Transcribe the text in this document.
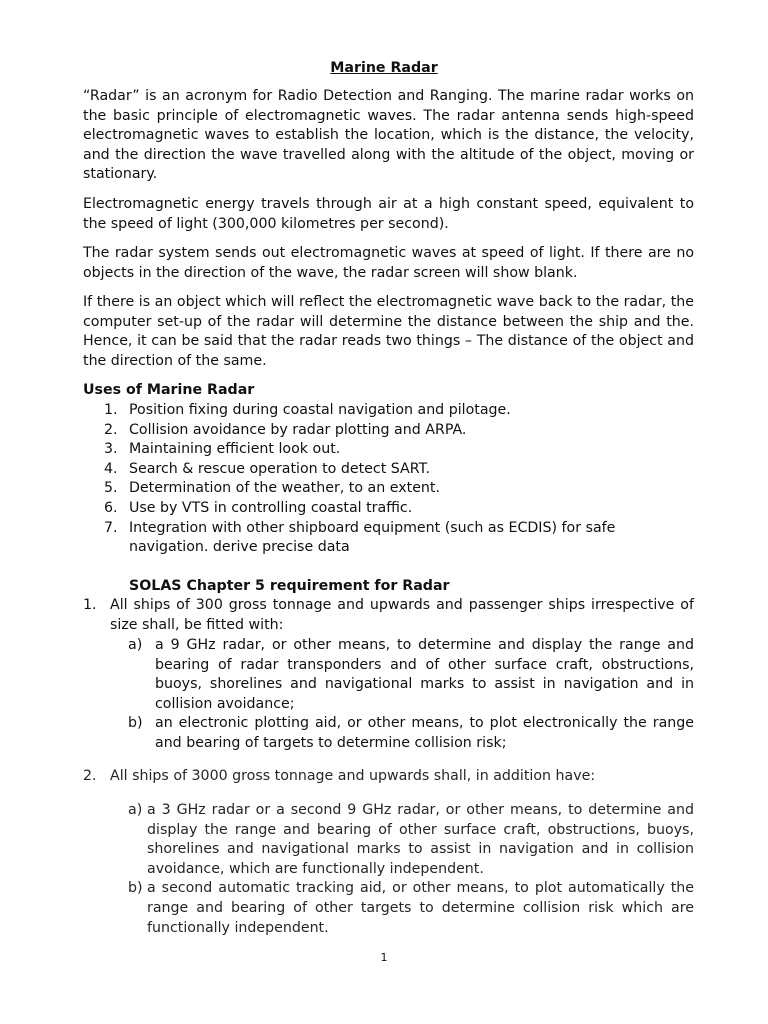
Marine Radar

“Radar” is an acronym for Radio Detection and Ranging. The marine radar works on the basic principle of electromagnetic waves. The radar antenna sends high-speed electromagnetic waves to establish the location, which is the distance, the velocity, and the direction the wave travelled along with the altitude of the object, moving or stationary.

Electromagnetic energy travels through air at a high constant speed, equivalent to the speed of light (300,000 kilometres per second).

The radar system sends out electromagnetic waves at speed of light. If there are no objects in the direction of the wave, the radar screen will show blank.

If there is an object which will reflect the electromagnetic wave back to the radar, the computer set-up of the radar will determine the distance between the ship and the. Hence, it can be said that the radar reads two things – The distance of the object and the direction of the same.

Uses of Marine Radar
1. Position fixing during coastal navigation and pilotage.
2. Collision avoidance by radar plotting and ARPA.
3. Maintaining efficient look out.
4. Search & rescue operation to detect SART.
5. Determination of the weather, to an extent.
6. Use by VTS in controlling coastal traffic.
7. Integration with other shipboard equipment (such as ECDIS) for safe navigation. derive precise data
SOLAS Chapter 5 requirement for Radar
1. All ships of 300 gross tonnage and upwards and passenger ships irrespective of size shall, be fitted with:
a) a 9 GHz radar, or other means, to determine and display the range and bearing of radar transponders and of other surface craft, obstructions, buoys, shorelines and navigational marks to assist in navigation and in collision avoidance;
b) an electronic plotting aid, or other means, to plot electronically the range and bearing of targets to determine collision risk;
2. All ships of 3000 gross tonnage and upwards shall, in addition have:
a) a 3 GHz radar or a second 9 GHz radar, or other means, to determine and display the range and bearing of other surface craft, obstructions, buoys, shorelines and navigational marks to assist in navigation and in collision avoidance, which are functionally independent.
b) a second automatic tracking aid, or other means, to plot automatically the range and bearing of other targets to determine collision risk which are functionally independent.
1
